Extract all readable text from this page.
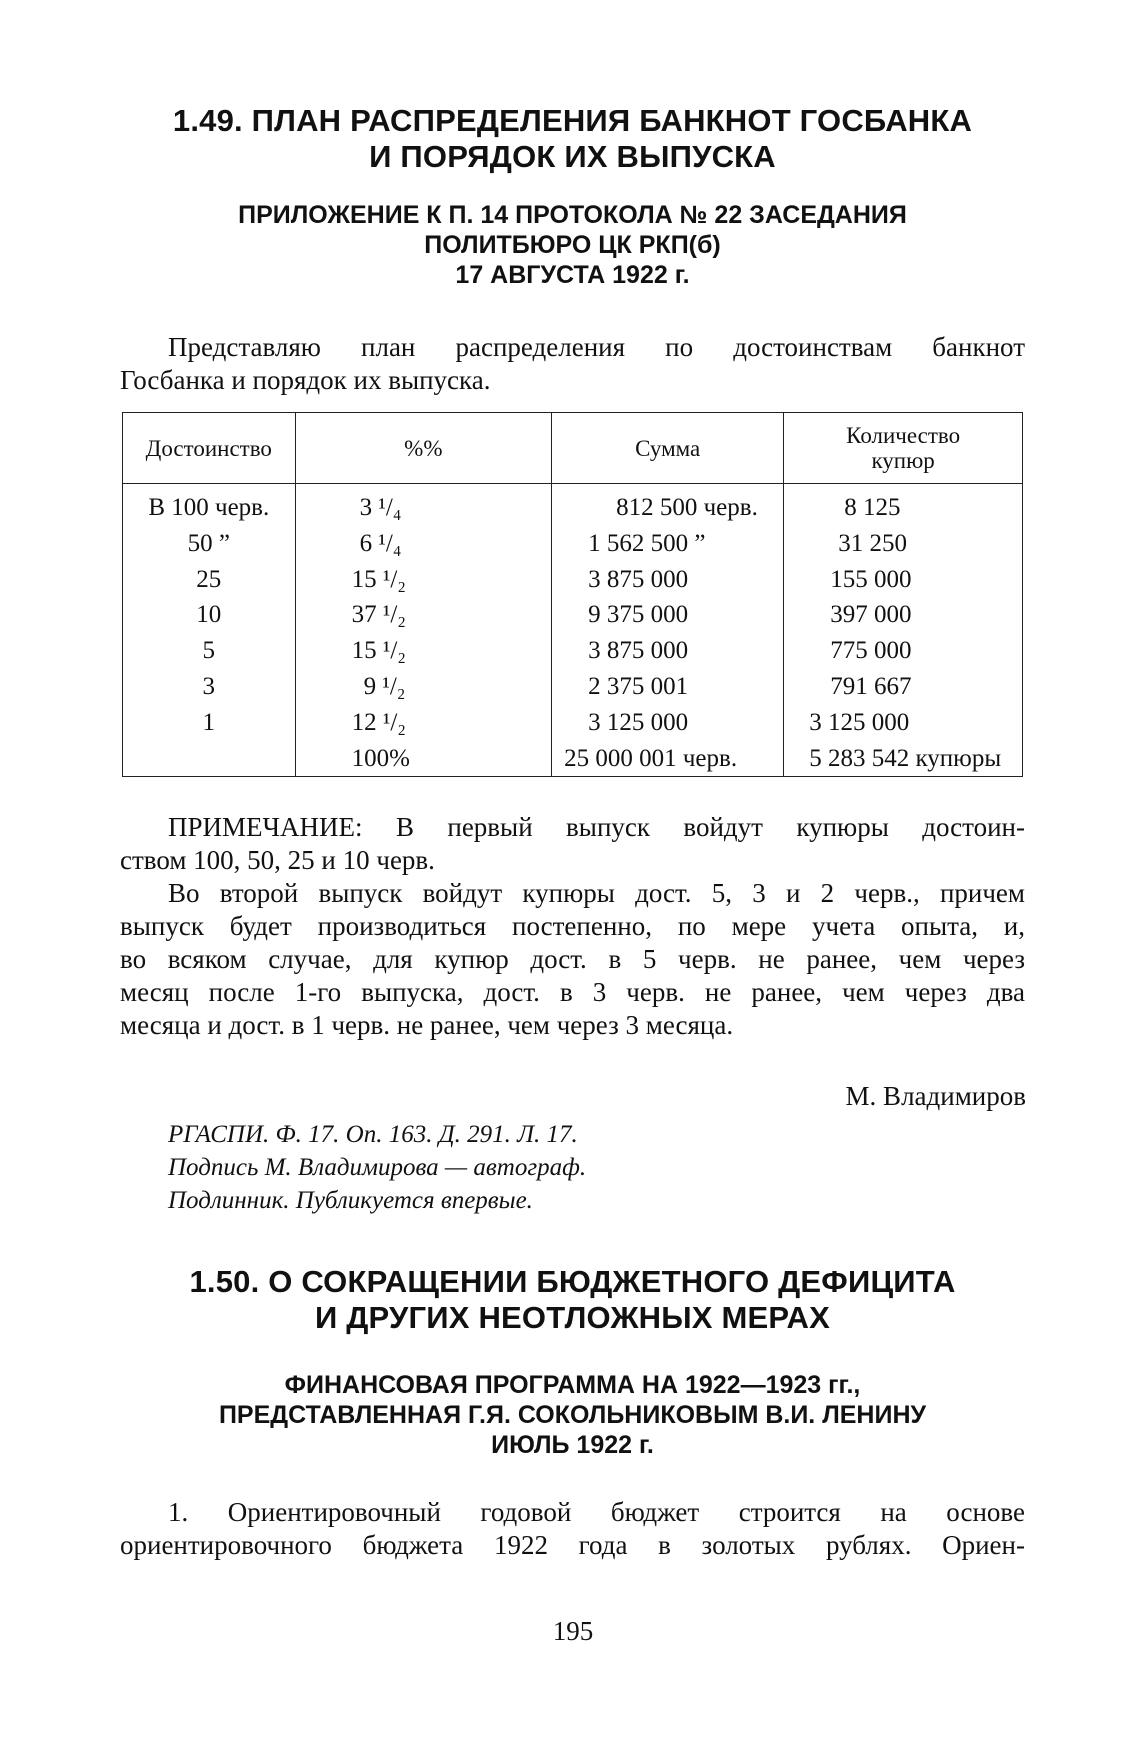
1.49. ПЛАН РАСПРЕДЕЛЕНИЯ БАНКНОТ ГОСБАНКА
И ПОРЯДОК ИХ ВЫПУСКА
ПРИЛОЖЕНИЕ К П. 14 ПРОТОКОЛА № 22 ЗАСЕДАНИЯ
ПОЛИТБЮРО ЦК РКП(б)
17 АВГУСТА 1922 г.

Представляю план распределения по достоинствам банкнот
Госбанка и порядок их выпуска.

Достоинство	%%	Сумма	Количество купюр
В 100 черв.	3 ¹/₄	812 500 черв.	8 125
50 ”	6 ¹/₄	1 562 500 ”	31 250
25	15 ¹/₂	3 875 000	155 000
10	37 ¹/₂	9 375 000	397 000
5	15 ¹/₂	3 875 000	775 000
3	9 ¹/₂	2 375 001	791 667
1	12 ¹/₂	3 125 000	3 125 000
	100%	25 000 001 черв.	5 283 542 купюры

ПРИМЕЧАНИЕ: В первый выпуск войдут купюры достоин-
ством 100, 50, 25 и 10 черв.

Во второй выпуск войдут купюры дост. 5, 3 и 2 черв., причем
выпуск будет производиться постепенно, по мере учета опыта, и,
во всяком случае, для купюр дост. в 5 черв. не ранее, чем через
месяц после 1-го выпуска, дост. в 3 черв. не ранее, чем через два
месяца и дост. в 1 черв. не ранее, чем через 3 месяца.

М. Владимиров

РГАСПИ. Ф. 17. Оп. 163. Д. 291. Л. 17.
Подпись М. Владимирова — автограф.
Подлинник. Публикуется впервые.

1.50. О СОКРАЩЕНИИ БЮДЖЕТНОГО ДЕФИЦИТА
И ДРУГИХ НЕОТЛОЖНЫХ МЕРАХ
ФИНАНСОВАЯ ПРОГРАММА НА 1922—1923 гг.,
ПРЕДСТАВЛЕННАЯ Г.Я. СОКОЛЬНИКОВЫМ В.И. ЛЕНИНУ
ИЮЛЬ 1922 г.

1. Ориентировочный годовой бюджет строится на основе
ориентировочного бюджета 1922 года в золотых рублях. Ориен-

195
